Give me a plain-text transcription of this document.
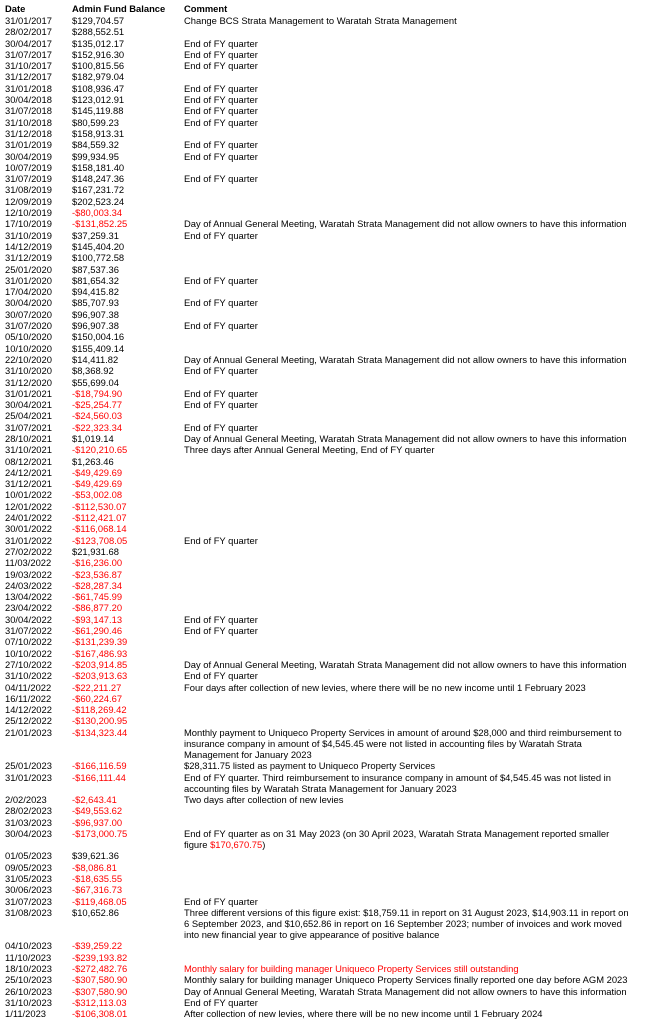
Date	Admin Fund Balance	Comment
31/01/2017	$129,704.57	Change BCS Strata Management to Waratah Strata Management
28/02/2017	$288,552.51
30/04/2017	$135,012.17	End of FY quarter
31/07/2017	$152,916.30	End of FY quarter
31/10/2017	$100,815.56	End of FY quarter
31/12/2017	$182,979.04
31/01/2018	$108,936.47	End of FY quarter
30/04/2018	$123,012.91	End of FY quarter
31/07/2018	$145,119.88	End of FY quarter
31/10/2018	$80,599.23	End of FY quarter
31/12/2018	$158,913.31
31/01/2019	$84,559.32	End of FY quarter
30/04/2019	$99,934.95	End of FY quarter
10/07/2019	$158,181.40
31/07/2019	$148,247.36	End of FY quarter
31/08/2019	$167,231.72
12/09/2019	$202,523.24
12/10/2019	-$80,003.34
17/10/2019	-$131,852.25	Day of Annual General Meeting, Waratah Strata Management did not allow owners to have this information
31/10/2019	$37,259.31	End of FY quarter
14/12/2019	$145,404.20
31/12/2019	$100,772.58
25/01/2020	$87,537.36
31/01/2020	$81,654.32	End of FY quarter
17/04/2020	$94,415.82
30/04/2020	$85,707.93	End of FY quarter
30/07/2020	$96,907.38
31/07/2020	$96,907.38	End of FY quarter
05/10/2020	$150,004.16
10/10/2020	$155,409.14
22/10/2020	$14,411.82	Day of Annual General Meeting, Waratah Strata Management did not allow owners to have this information
31/10/2020	$8,368.92	End of FY quarter
31/12/2020	$55,699.04
31/01/2021	-$18,794.90	End of FY quarter
30/04/2021	-$25,254.77	End of FY quarter
25/04/2021	-$24,560.03
31/07/2021	-$22,323.34	End of FY quarter
28/10/2021	$1,019.14	Day of Annual General Meeting, Waratah Strata Management did not allow owners to have this information
31/10/2021	-$120,210.65	Three days after Annual General Meeting, End of FY quarter
08/12/2021	$1,263.46
24/12/2021	-$49,429.69
31/12/2021	-$49,429.69
10/01/2022	-$53,002.08
12/01/2022	-$112,530.07
24/01/2022	-$112,421.07
30/01/2022	-$116,068.14
31/01/2022	-$123,708.05	End of FY quarter
27/02/2022	$21,931.68
11/03/2022	-$16,236.00
19/03/2022	-$23,536.87
24/03/2022	-$28,287.34
13/04/2022	-$61,745.99
23/04/2022	-$86,877.20
30/04/2022	-$93,147.13	End of FY quarter
31/07/2022	-$61,290.46	End of FY quarter
07/10/2022	-$131,239.39
10/10/2022	-$167,486.93
27/10/2022	-$203,914.85	Day of Annual General Meeting, Waratah Strata Management did not allow owners to have this information
31/10/2022	-$203,913.63	End of FY quarter
04/11/2022	-$22,211.27	Four days after collection of new levies, where there will be no new income until 1 February 2023
16/11/2022	-$60,224.67
14/12/2022	-$118,269.42
25/12/2022	-$130,200.95
21/01/2023	-$134,323.44	Monthly payment to Uniqueco Property Services in amount of around $28,000 and third reimbursement to insurance company in amount of $4,545.45 were not listed in accounting files by Waratah Strata Management for January 2023
25/01/2023	-$166,116.59	$28,311.75 listed as payment to Uniqueco Property Services
31/01/2023	-$166,111.44	End of FY quarter. Third reimbursement to insurance company in amount of $4,545.45 was not listed in accounting files by Waratah Strata Management for January 2023
2/02/2023	-$2,643.41	Two days after collection of new levies
28/02/2023	-$49,553.62
31/03/2023	-$96,937.00
30/04/2023	-$173,000.75	End of FY quarter as on 31 May 2023 (on 30 April 2023, Waratah Strata Management reported smaller figure $170,670.75)
01/05/2023	$39,621.36
09/05/2023	-$8,086.81
31/05/2023	-$18,635.55
30/06/2023	-$67,316.73
31/07/2023	-$119,468.05	End of FY quarter
31/08/2023	$10,652.86	Three different versions of this figure exist: $18,759.11 in report on 31 August 2023, $14,903.11 in report on 6 September 2023, and $10,652.86 in report on 16 September 2023; number of invoices and work moved into new financial year to give appearance of positive balance
04/10/2023	-$39,259.22
11/10/2023	-$239,193.82
18/10/2023	-$272,482.76	Monthly salary for building manager Uniqueco Property Services still outstanding
25/10/2023	-$307,580.90	Monthly salary for building manager Uniqueco Property Services finally reported one day before AGM 2023
26/10/2023	-$307,580.90	Day of Annual General Meeting, Waratah Strata Management did not allow owners to have this information
31/10/2023	-$312,113.03	End of FY quarter
1/11/2023	-$106,308.01	After collection of new levies, where there will be no new income until 1 February 2024
